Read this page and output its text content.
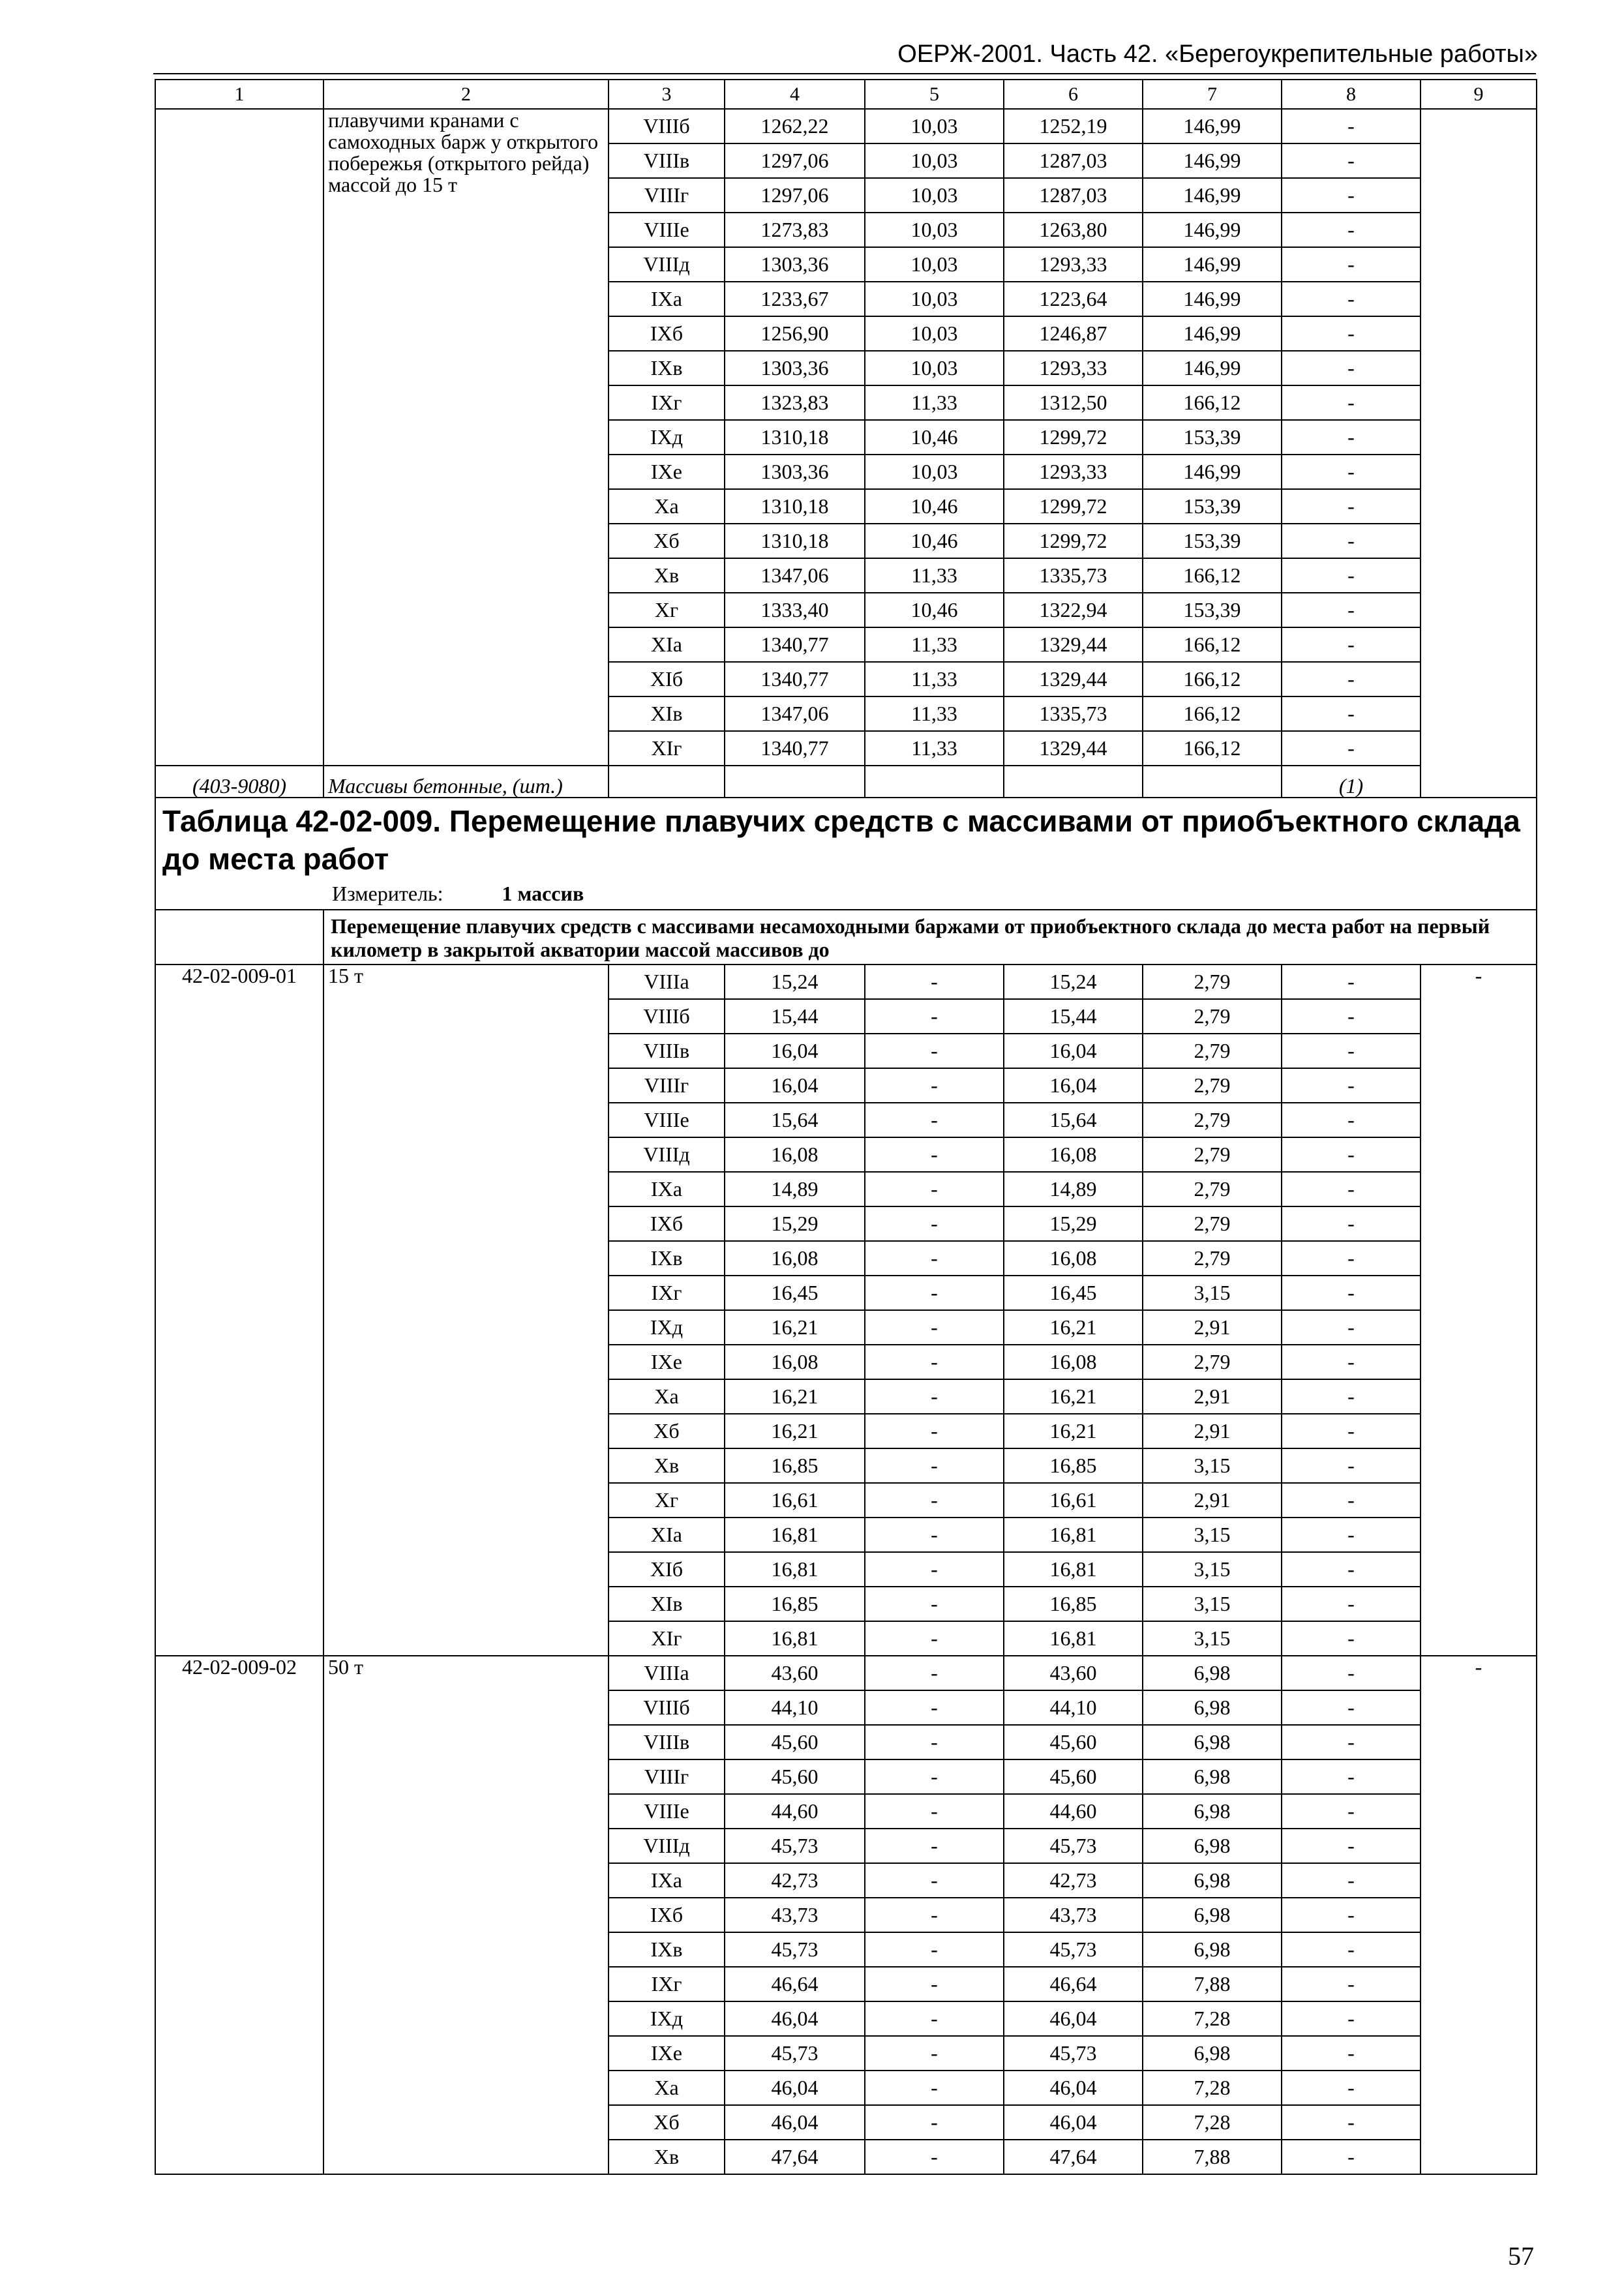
ОЕРЖ-2001. Часть 42. «Берегоукрепительные работы»
1	2	3	4	5	6	7	8	9
	плавучими кранами с самоходных барж у открытого побережья (открытого рейда) массой до 15 т	VIIIб	1262,22	10,03	1252,19	146,99	-	
		VIIIв	1297,06	10,03	1287,03	146,99	-	
		VIIIг	1297,06	10,03	1287,03	146,99	-	
		VIIIе	1273,83	10,03	1263,80	146,99	-	
		VIIIд	1303,36	10,03	1293,33	146,99	-	
		IXа	1233,67	10,03	1223,64	146,99	-	
		IXб	1256,90	10,03	1246,87	146,99	-	
		IXв	1303,36	10,03	1293,33	146,99	-	
		IXг	1323,83	11,33	1312,50	166,12	-	
		IXд	1310,18	10,46	1299,72	153,39	-	
		IXе	1303,36	10,03	1293,33	146,99	-	
		Xа	1310,18	10,46	1299,72	153,39	-	
		Xб	1310,18	10,46	1299,72	153,39	-	
		Xв	1347,06	11,33	1335,73	166,12	-	
		Xг	1333,40	10,46	1322,94	153,39	-	
		XIа	1340,77	11,33	1329,44	166,12	-	
		XIб	1340,77	11,33	1329,44	166,12	-	
		XIв	1347,06	11,33	1335,73	166,12	-	
		XIг	1340,77	11,33	1329,44	166,12	-	
(403-9080)	Массивы бетонные, (шт.)						(1)	

Таблица 42-02-009. Перемещение плавучих средств с массивами от приобъектного склада до места работ
Измеритель: 1 массив								

	Перемещение плавучих средств с массивами несамоходными баржами от приобъектного склада до места работ на первый километр в закрытой акватории массой массивов до							
42-02-009-01	15 т	VIIIа	15,24	-	15,24	2,79	-	-
		VIIIб	15,44	-	15,44	2,79	-	
		VIIIв	16,04	-	16,04	2,79	-	
		VIIIг	16,04	-	16,04	2,79	-	
		VIIIе	15,64	-	15,64	2,79	-	
		VIIIд	16,08	-	16,08	2,79	-	
		IXа	14,89	-	14,89	2,79	-	
		IXб	15,29	-	15,29	2,79	-	
		IXв	16,08	-	16,08	2,79	-	
		IXг	16,45	-	16,45	3,15	-	
		IXд	16,21	-	16,21	2,91	-	
		IXе	16,08	-	16,08	2,79	-	
		Xа	16,21	-	16,21	2,91	-	
		Xб	16,21	-	16,21	2,91	-	
		Xв	16,85	-	16,85	3,15	-	
		Xг	16,61	-	16,61	2,91	-	
		XIа	16,81	-	16,81	3,15	-	
		XIб	16,81	-	16,81	3,15	-	
		XIв	16,85	-	16,85	3,15	-	
		XIг	16,81	-	16,81	3,15	-	
42-02-009-02	50 т	VIIIа	43,60	-	43,60	6,98	-	-
		VIIIб	44,10	-	44,10	6,98	-	
		VIIIв	45,60	-	45,60	6,98	-	
		VIIIг	45,60	-	45,60	6,98	-	
		VIIIе	44,60	-	44,60	6,98	-	
		VIIIд	45,73	-	45,73	6,98	-	
		IXа	42,73	-	42,73	6,98	-	
		IXб	43,73	-	43,73	6,98	-	
		IXв	45,73	-	45,73	6,98	-	
		IXг	46,64	-	46,64	7,88	-	
		IXд	46,04	-	46,04	7,28	-	
		IXе	45,73	-	45,73	6,98	-	
		Xа	46,04	-	46,04	7,28	-	
		Xб	46,04	-	46,04	7,28	-	
		Xв	47,64	-	47,64	7,88	-	
57
